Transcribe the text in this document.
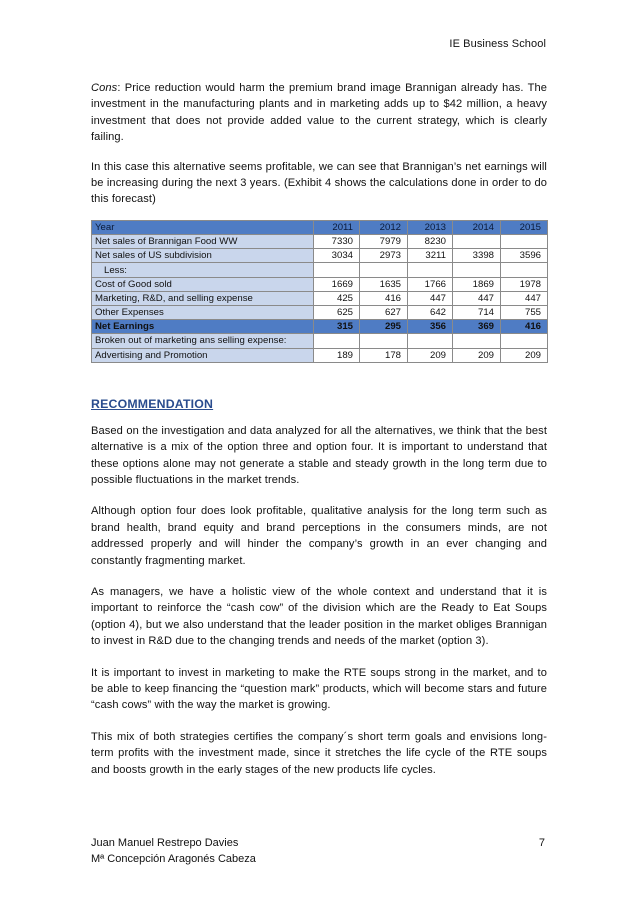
IE Business School

Cons: Price reduction would harm the premium brand image Brannigan already has. The investment in the manufacturing plants and in marketing adds up to $42 million, a heavy investment that does not provide added value to the current strategy, which is clearly failing.

In this case this alternative seems profitable, we can see that Brannigan’s net earnings will be increasing during the next 3 years. (Exhibit 4 shows the calculations done in order to do this forecast)

Year	2011	2012	2013	2014	2015
Net sales of Brannigan Food WW	7330	7979	8230		
Net sales of US subdivision	3034	2973	3211	3398	3596
Less:					
Cost of Good sold	1669	1635	1766	1869	1978
Marketing, R&D, and selling expense	425	416	447	447	447
Other Expenses	625	627	642	714	755
Net Earnings	315	295	356	369	416
Broken out of marketing ans selling expense:					
Advertising and Promotion	189	178	209	209	209
RECOMMENDATION

Based on the investigation and data analyzed for all the alternatives, we think that the best alternative is a mix of the option three and option four. It is important to understand that these options alone may not generate a stable and steady growth in the long term due to possible fluctuations in the market trends.

Although option four does look profitable, qualitative analysis for the long term such as brand health, brand equity and brand perceptions in the consumers minds, are not addressed properly and will hinder the company’s growth in an ever changing and constantly fragmenting market.

As managers, we have a holistic view of the whole context and understand that it is important to reinforce the “cash cow” of the division which are the Ready to Eat Soups (option 4), but we also understand that the leader position in the market obliges Brannigan to invest in R&D due to the changing trends and needs of the market (option 3).

It is important to invest in marketing to make the RTE soups strong in the market, and to be able to keep financing the “question mark” products, which will become stars and future “cash cows” with the way the market is growing.

This mix of both strategies certifies the company´s short term goals and envisions long-term profits with the investment made, since it stretches the life cycle of the RTE soups and boosts growth in the early stages of the new products life cycles.

Juan Manuel Restrepo Davies
Mª Concepción Aragonés Cabeza
7
